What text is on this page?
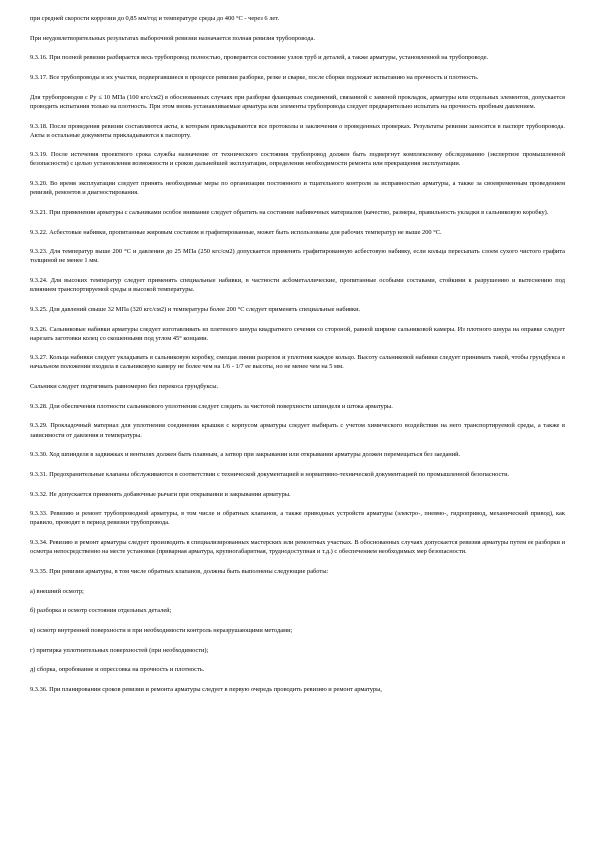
при средней скорости коррозии до 0,85 мм/год и температуре среды до 400 °С - через 6 лет.

При неудовлетворительных результатах выборочной ревизии назначается полная ревизия трубопровода.

9.3.16. При полной ревизии разбирается весь трубопровод полностью, проверяется состояние узлов труб и деталей, а также арматуры, установленной на трубопроводе.

9.3.17. Все трубопроводы и их участки, подвергавшиеся в процессе ревизии разборке, резке и сварке, после сборки подлежат испытанию на прочность и плотность.

Для трубопроводов с Ру ≤ 10 МПа (100 кгс/см2) в обоснованных случаях при разборке фланцевых соединений, связанной с заменой прокладок, арматуры или отдельных элементов, допускается проводить испытания только на плотность. При этом вновь устанавливаемые арматура или элементы трубопровода следует предварительно испытать на прочность пробным давлением.

9.3.18. После проведения ревизии составляются акты, к которым прикладываются все протоколы и заключения о проведенных проверках. Результаты ревизии заносятся в паспорт трубопровода. Акты и остальные документы прикладываются к паспорту.

9.3.19. После истечения проектного срока службы назначение от технического состояния трубопровод должен быть подвергнут комплексному обследованию (экспертизе промышленной безопасности) с целью установления возможности и сроков дальнейшей эксплуатации, определения необходимости ремонта или прекращения эксплуатации.

9.3.20. Во время эксплуатации следует принять необходимые меры по организации постоянного и тщательного контроля за исправностью арматуры, а также за своевременным проведением ревизий, ремонтов и диагностирования.

9.3.21. При применении арматуры с сальниками особое внимание следует обратить на состояние набивочных материалов (качество, размеры, правильность укладки в сальниковую коробку).

9.3.22. Асбестовые набивки, пропитанные жировым составом и графитированные, может быть использованы для рабочих температур не выше 200 °С.

9.3.23. Для температур выше 200 °С и давлении до 25 МПа (250 кгс/см2) допускается применять графитированную асбестовую набивку, если кольца пересыпать слоем сухого чистого графита толщиной не менее 1 мм.

9.3.24. Для высоких температур следует применять специальные набивки, в частности асбометаллические, пропитанные особыми составами, стойкими к разрушению и вытеснению под влиянием транспортируемой среды и высокой температуры.

9.3.25. Для давлений свыше 32 МПа (320 кгс/см2) и температуры более 200 °С следует применять специальные набивки.

9.3.26. Сальниковые набивки арматуры следует изготавливать из плетеного шнура квадратного сечения со стороной, равной ширине сальниковой камеры. Из плотного шнура на оправке следует нарезать заготовки колец со скошенными под углом 45° концами.

9.3.27. Кольца набивки следует укладывать в сальниковую коробку, смещая линии разрезов и уплотняя каждое кольцо. Высоту сальниковой набивки следует принимать такой, чтобы грундбукса в начальном положении входила в сальниковую камеру не более чем на 1/6 - 1/7 ее высоты, но не менее чем на 5 мм.

Сальники следует подтягивать равномерно без перекоса грундбуксы.

9.3.28. Для обеспечения плотности сальникового уплотнения следует следить за чистотой поверхности шпинделя и штока арматуры.

9.3.29. Прокладочный материал для уплотнения соединения крышки с корпусом арматуры следует выбирать с учетом химического воздействия на него транспортируемой среды, а также в зависимости от давления и температуры.

9.3.30. Ход шпинделя в задвижках и вентилях должен быть плавным, а затвор при закрывании или открывании арматуры должен перемещаться без заеданий.

9.3.31. Предохранительные клапаны обслуживаются в соответствии с технической документацией и нормативно-технической документацией по промышленной безопасности.

9.3.32. Не допускается применять добавочные рычаги при открывании и закрывании арматуры.

9.3.33. Ревизию и ремонт трубопроводной арматуры, в том числе и обратных клапанов, а также приводных устройств арматуры (электро-, пневмо-, гидропривод, механический привод), как правило, проводят в период ревизии трубопровода.

9.3.34. Ревизию и ремонт арматуры следует производить в специализированных мастерских или ремонтных участках. В обоснованных случаях допускается ревизия арматуры путем ее разборки и осмотра непосредственно на месте установки (приварная арматура, крупногабаритная, труднодоступная и т.д.) с обеспечением необходимых мер безопасности.

9.3.35. При ревизии арматуры, в том числе обратных клапанов, должны быть выполнены следующие работы:

а) внешний осмотр;

б) разборка и осмотр состояния отдельных деталей;

в) осмотр внутренней поверхности и при необходимости контроль неразрушающими методами;

г) притирка уплотнительных поверхностей (при необходимости);

д) сборка, опробование и опрессовка на прочность и плотность.

9.3.36. При планировании сроков ревизии и ремонта арматуры следует в первую очередь проводить ревизию и ремонт арматуры,
